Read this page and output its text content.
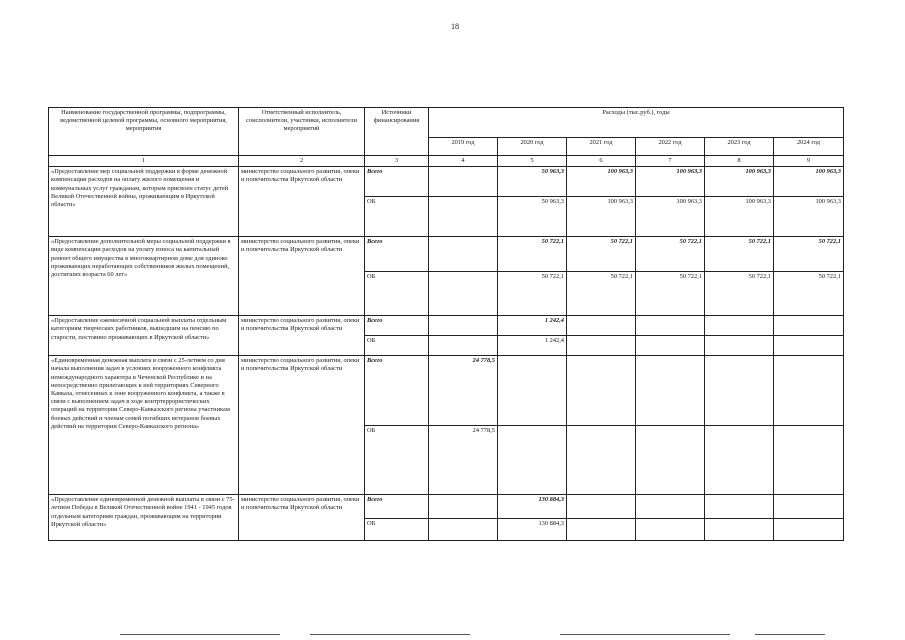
18
Наименование государственной программы, подпрограммы, ведомственной целевой программы, основного мероприятия, мероприятия	Ответственный исполнитель, соисполнители, участники, исполнители мероприятий	Источники финансирования	Расходы (тыс.руб.), годы					
			2019 год	2020 год	2021 год	2022 год	2023 год	2024 год
1	2	3	4	5	6	7	8	9
«Предоставление мер социальной поддержки в форме денежной компенсации расходов на оплату жилого помещения и коммунальных услуг гражданам, которым присвоен статус детей Великой Отечественной войны, проживающим в Иркутской области»	министерство социального развития, опеки и попечительства Иркутской области	Всего		50 963,3	100 963,3	100 963,3	100 963,3	100 963,3
		ОБ		50 963,3	100 963,3	100 963,3	100 963,3	100 963,3
«Предоставление дополнительной меры социальной поддержки в виде компенсации расходов на уплату взноса на капитальный ремонт общего имущества в многоквартирном доме для одиноко проживающих неработающих собственников жилых помещений, достигших возраста 60 лет»	министерство социального развития, опеки и попечительства Иркутской области	Всего		50 722,1	50 722,1	50 722,1	50 722,1	50 722,1
		ОБ		50 722,1	50 722,1	50 722,1	50 722,1	50 722,1
«Предоставление ежемесячной социальной выплаты отдельным категориям творческих работников, вышедшим на пенсию по старости, постоянно проживающих в Иркутской области»	министерство социального развития, опеки и попечительства Иркутской области	Всего		1 242,4				
		ОБ		1 242,4				
«Единовременная денежная выплата в связи с 25-летием со дня начала выполнения задач в условиях вооруженного конфликта немеждународного характера в Чеченской Республике и на непосредственно прилегающих к ней территориях Северного Кавказа, отнесенных к зоне вооруженного конфликта, а также в связи с выполнением задач в ходе контртеррористических операций на территории Северо-Кавказского региона участникам боевых действий и членам семей погибших ветеранов боевых действий на территории Северо-Кавказского региона»	министерство социального развития, опеки и попечительства Иркутской области	Всего	24 778,5					
		ОБ	24 778,5					
«Предоставление единовременной денежной выплаты в связи с 75-летием Победы в Великой Отечественной войне 1941 - 1945 годов отдельным категориям граждан, проживающим на территории Иркутской области»	министерство социального развития, опеки и попечительства Иркутской области	Всего		130 884,3				
		ОБ		130 884,3				
